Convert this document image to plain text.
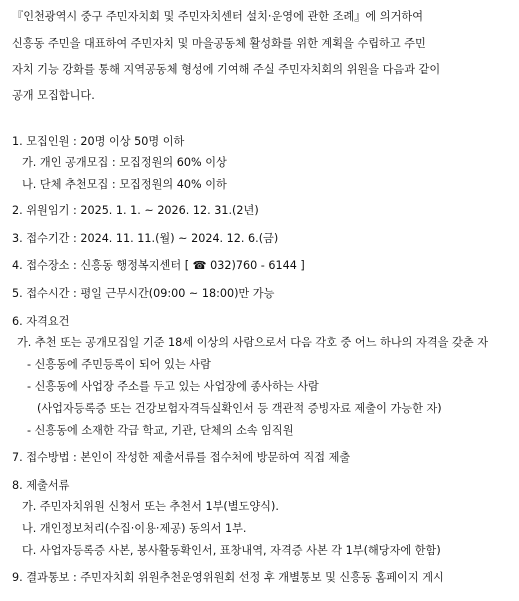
『인천광역시 중구 주민자치회 및 주민자치센터 설치·운영에 관한 조례』에 의거하여
신흥동 주민을 대표하여 주민자치 및 마을공동체 활성화를 위한 계획을 수립하고 주민
자치 기능 강화를 통해 지역공동체 형성에 기여해 주실 주민자치회의 위원을 다음과 같이
공개 모집합니다.
1. 모집인원 : 20명 이상 50명 이하
가. 개인 공개모집 : 모집정원의 60% 이상
나. 단체 추천모집 : 모집정원의 40% 이하
2. 위원임기 : 2025. 1. 1. ~ 2026. 12. 31.(2년)
3. 접수기간 : 2024. 11. 11.(월) ~ 2024. 12. 6.(금)
4. 접수장소 : 신흥동 행정복지센터 [ ☎ 032)760 - 6144 ]
5. 접수시간 : 평일 근무시간(09:00 ~ 18:00)만 가능
6. 자격요건
가. 추천 또는 공개모집일 기준 18세 이상의 사람으로서 다음 각호 중 어느 하나의 자격을 갖춘 자
- 신흥동에 주민등록이 되어 있는 사람
- 신흥동에 사업장 주소를 두고 있는 사업장에 종사하는 사람
(사업자등록증 또는 건강보험자격득실확인서 등 객관적 증빙자료 제출이 가능한 자)
- 신흥동에 소재한 각급 학교, 기관, 단체의 소속 임직원
7. 접수방법 : 본인이 작성한 제출서류를 접수처에 방문하여 직접 제출
8. 제출서류
가. 주민자치위원 신청서 또는 추천서 1부(별도양식).
나. 개인정보처리(수집·이용·제공) 동의서 1부.
다. 사업자등록증 사본, 봉사활동확인서, 표창내역, 자격증 사본 각 1부(해당자에 한함)
9. 결과통보 : 주민자치회 위원추천운영위원회 선정 후 개별통보 및 신흥동 홈페이지 게시
